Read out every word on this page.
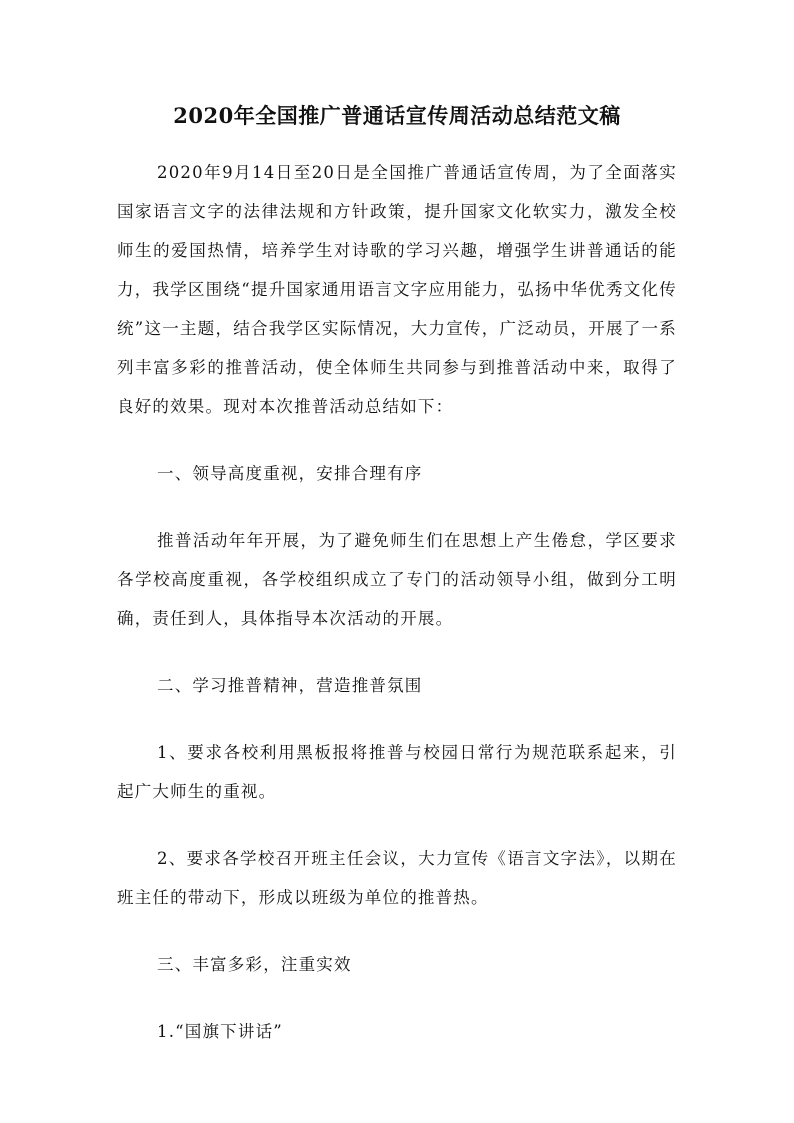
2020年全国推广普通话宣传周活动总结范文稿

2020年9月14日至20日是全国推广普通话宣传周，为了全面落实国家语言文字的法律法规和方针政策，提升国家文化软实力，激发全校师生的爱国热情，培养学生对诗歌的学习兴趣，增强学生讲普通话的能力，我学区围绕“提升国家通用语言文字应用能力，弘扬中华优秀文化传统”这一主题，结合我学区实际情况，大力宣传，广泛动员，开展了一系列丰富多彩的推普活动，使全体师生共同参与到推普活动中来，取得了良好的效果。现对本次推普活动总结如下：

一、领导高度重视，安排合理有序

推普活动年年开展，为了避免师生们在思想上产生倦怠，学区要求各学校高度重视，各学校组织成立了专门的活动领导小组，做到分工明确，责任到人，具体指导本次活动的开展。

二、学习推普精神，营造推普氛围

1、要求各校利用黑板报将推普与校园日常行为规范联系起来，引起广大师生的重视。

2、要求各学校召开班主任会议，大力宣传《语言文字法》，以期在班主任的带动下，形成以班级为单位的推普热。

三、丰富多彩，注重实效

1.“国旗下讲话”
